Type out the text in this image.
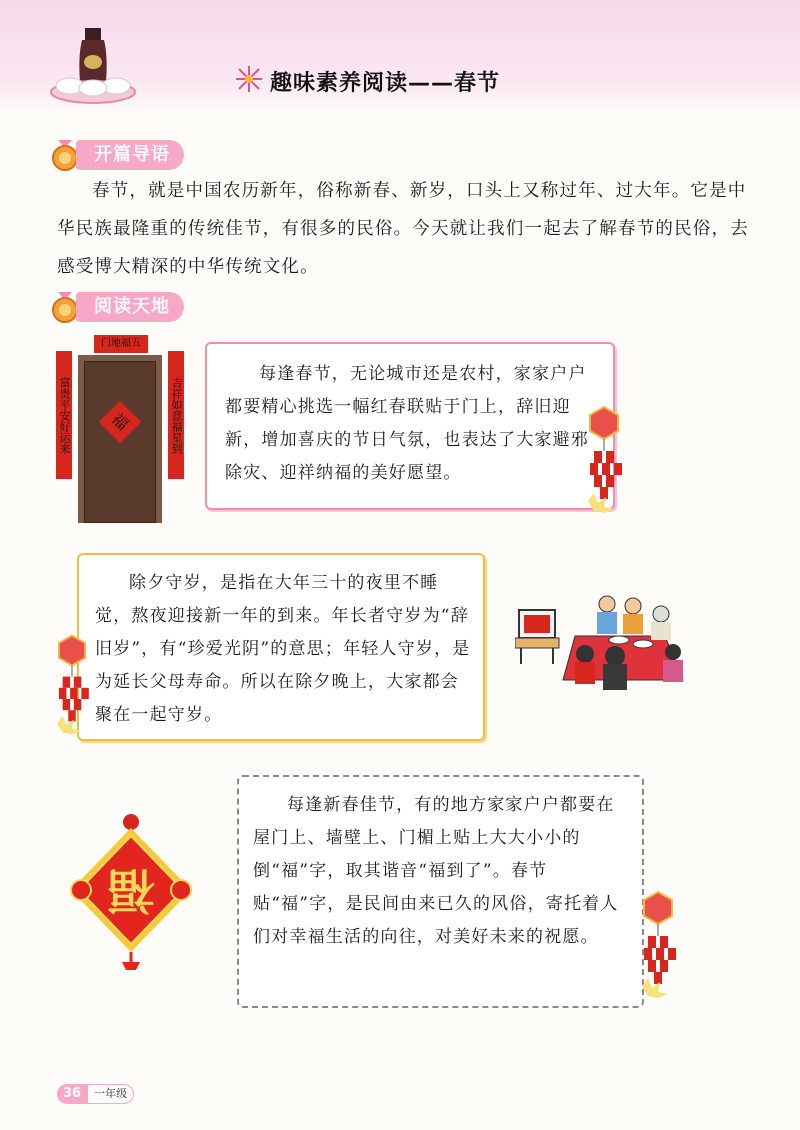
趣味素养阅读——春节
开篇导语

春节，就是中国农历新年，俗称新春、新岁，口头上又称过年、过大年。它是中华民族最隆重的传统佳节，有很多的民俗。今天就让我们一起去了解春节的民俗，去感受博大精深的中华传统文化。

阅读天地
门地福五
富贵平安好运来	吉祥如意福星到
福

每逢春节，无论城市还是农村，家家户户都要精心挑选一幅红春联贴于门上，辞旧迎新，增加喜庆的节日气氛，也表达了大家避邪除灾、迎祥纳福的美好愿望。

除夕守岁，是指在大年三十的夜里不睡觉，熬夜迎接新一年的到来。年长者守岁为“辞旧岁”，有“珍爱光阴”的意思；年轻人守岁，是为延长父母寿命。所以在除夕晚上，大家都会聚在一起守岁。

福

每逢新春佳节，有的地方家家户户都要在屋门上、墙壁上、门楣上贴上大大小小的倒“福”字，取其谐音“福到了”。春节贴“福”字，是民间由来已久的风俗，寄托着人们对幸福生活的向往，对美好未来的祝愿。

36 一年级
